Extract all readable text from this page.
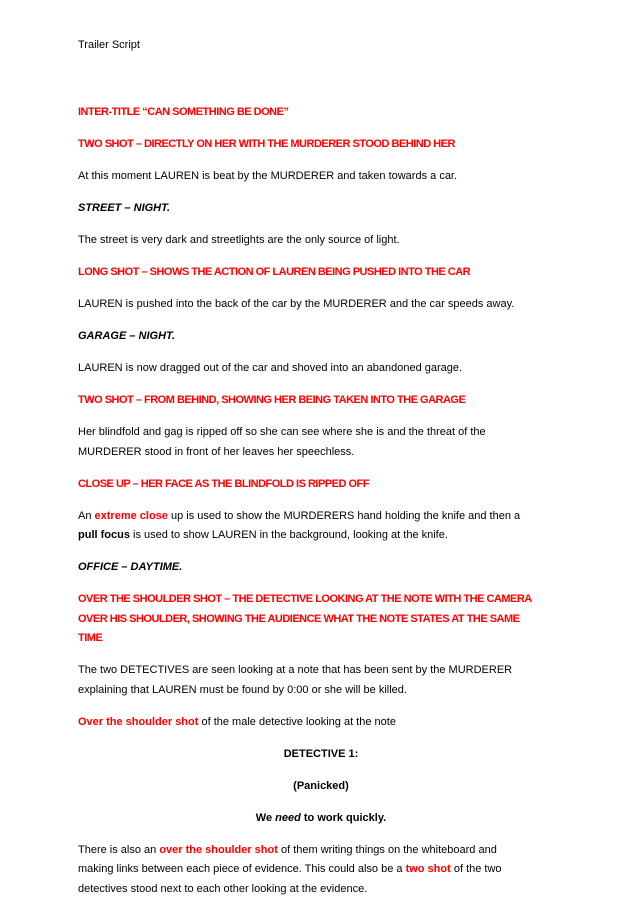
Trailer Script
INTER-TITLE “CAN SOMETHING BE DONE”
TWO SHOT – DIRECTLY ON HER WITH THE MURDERER STOOD BEHIND HER
At this moment LAUREN is beat by the MURDERER and taken towards a car.
STREET – NIGHT.
The street is very dark and streetlights are the only source of light.
LONG SHOT – SHOWS THE ACTION OF LAUREN BEING PUSHED INTO THE CAR
LAUREN is pushed into the back of the car by the MURDERER and the car speeds away.
GARAGE – NIGHT.
LAUREN is now dragged out of the car and shoved into an abandoned garage.
TWO SHOT – FROM BEHIND, SHOWING HER BEING TAKEN INTO THE GARAGE
Her blindfold and gag is ripped off so she can see where she is and the threat of the
MURDERER stood in front of her leaves her speechless.
CLOSE UP – HER FACE AS THE BLINDFOLD IS RIPPED OFF
An extreme close up is used to show the MURDERERS hand holding the knife and then a
pull focus is used to show LAUREN in the background, looking at the knife.
OFFICE – DAYTIME.
OVER THE SHOULDER SHOT – THE DETECTIVE LOOKING AT THE NOTE WITH THE CAMERA
OVER HIS SHOULDER, SHOWING THE AUDIENCE WHAT THE NOTE STATES AT THE SAME
TIME
The two DETECTIVES are seen looking at a note that has been sent by the MURDERER
explaining that LAUREN must be found by 0:00 or she will be killed.
Over the shoulder shot of the male detective looking at the note
DETECTIVE 1:
(Panicked)
We need to work quickly.
There is also an over the shoulder shot of them writing things on the whiteboard and
making links between each piece of evidence. This could also be a two shot of the two
detectives stood next to each other looking at the evidence.
